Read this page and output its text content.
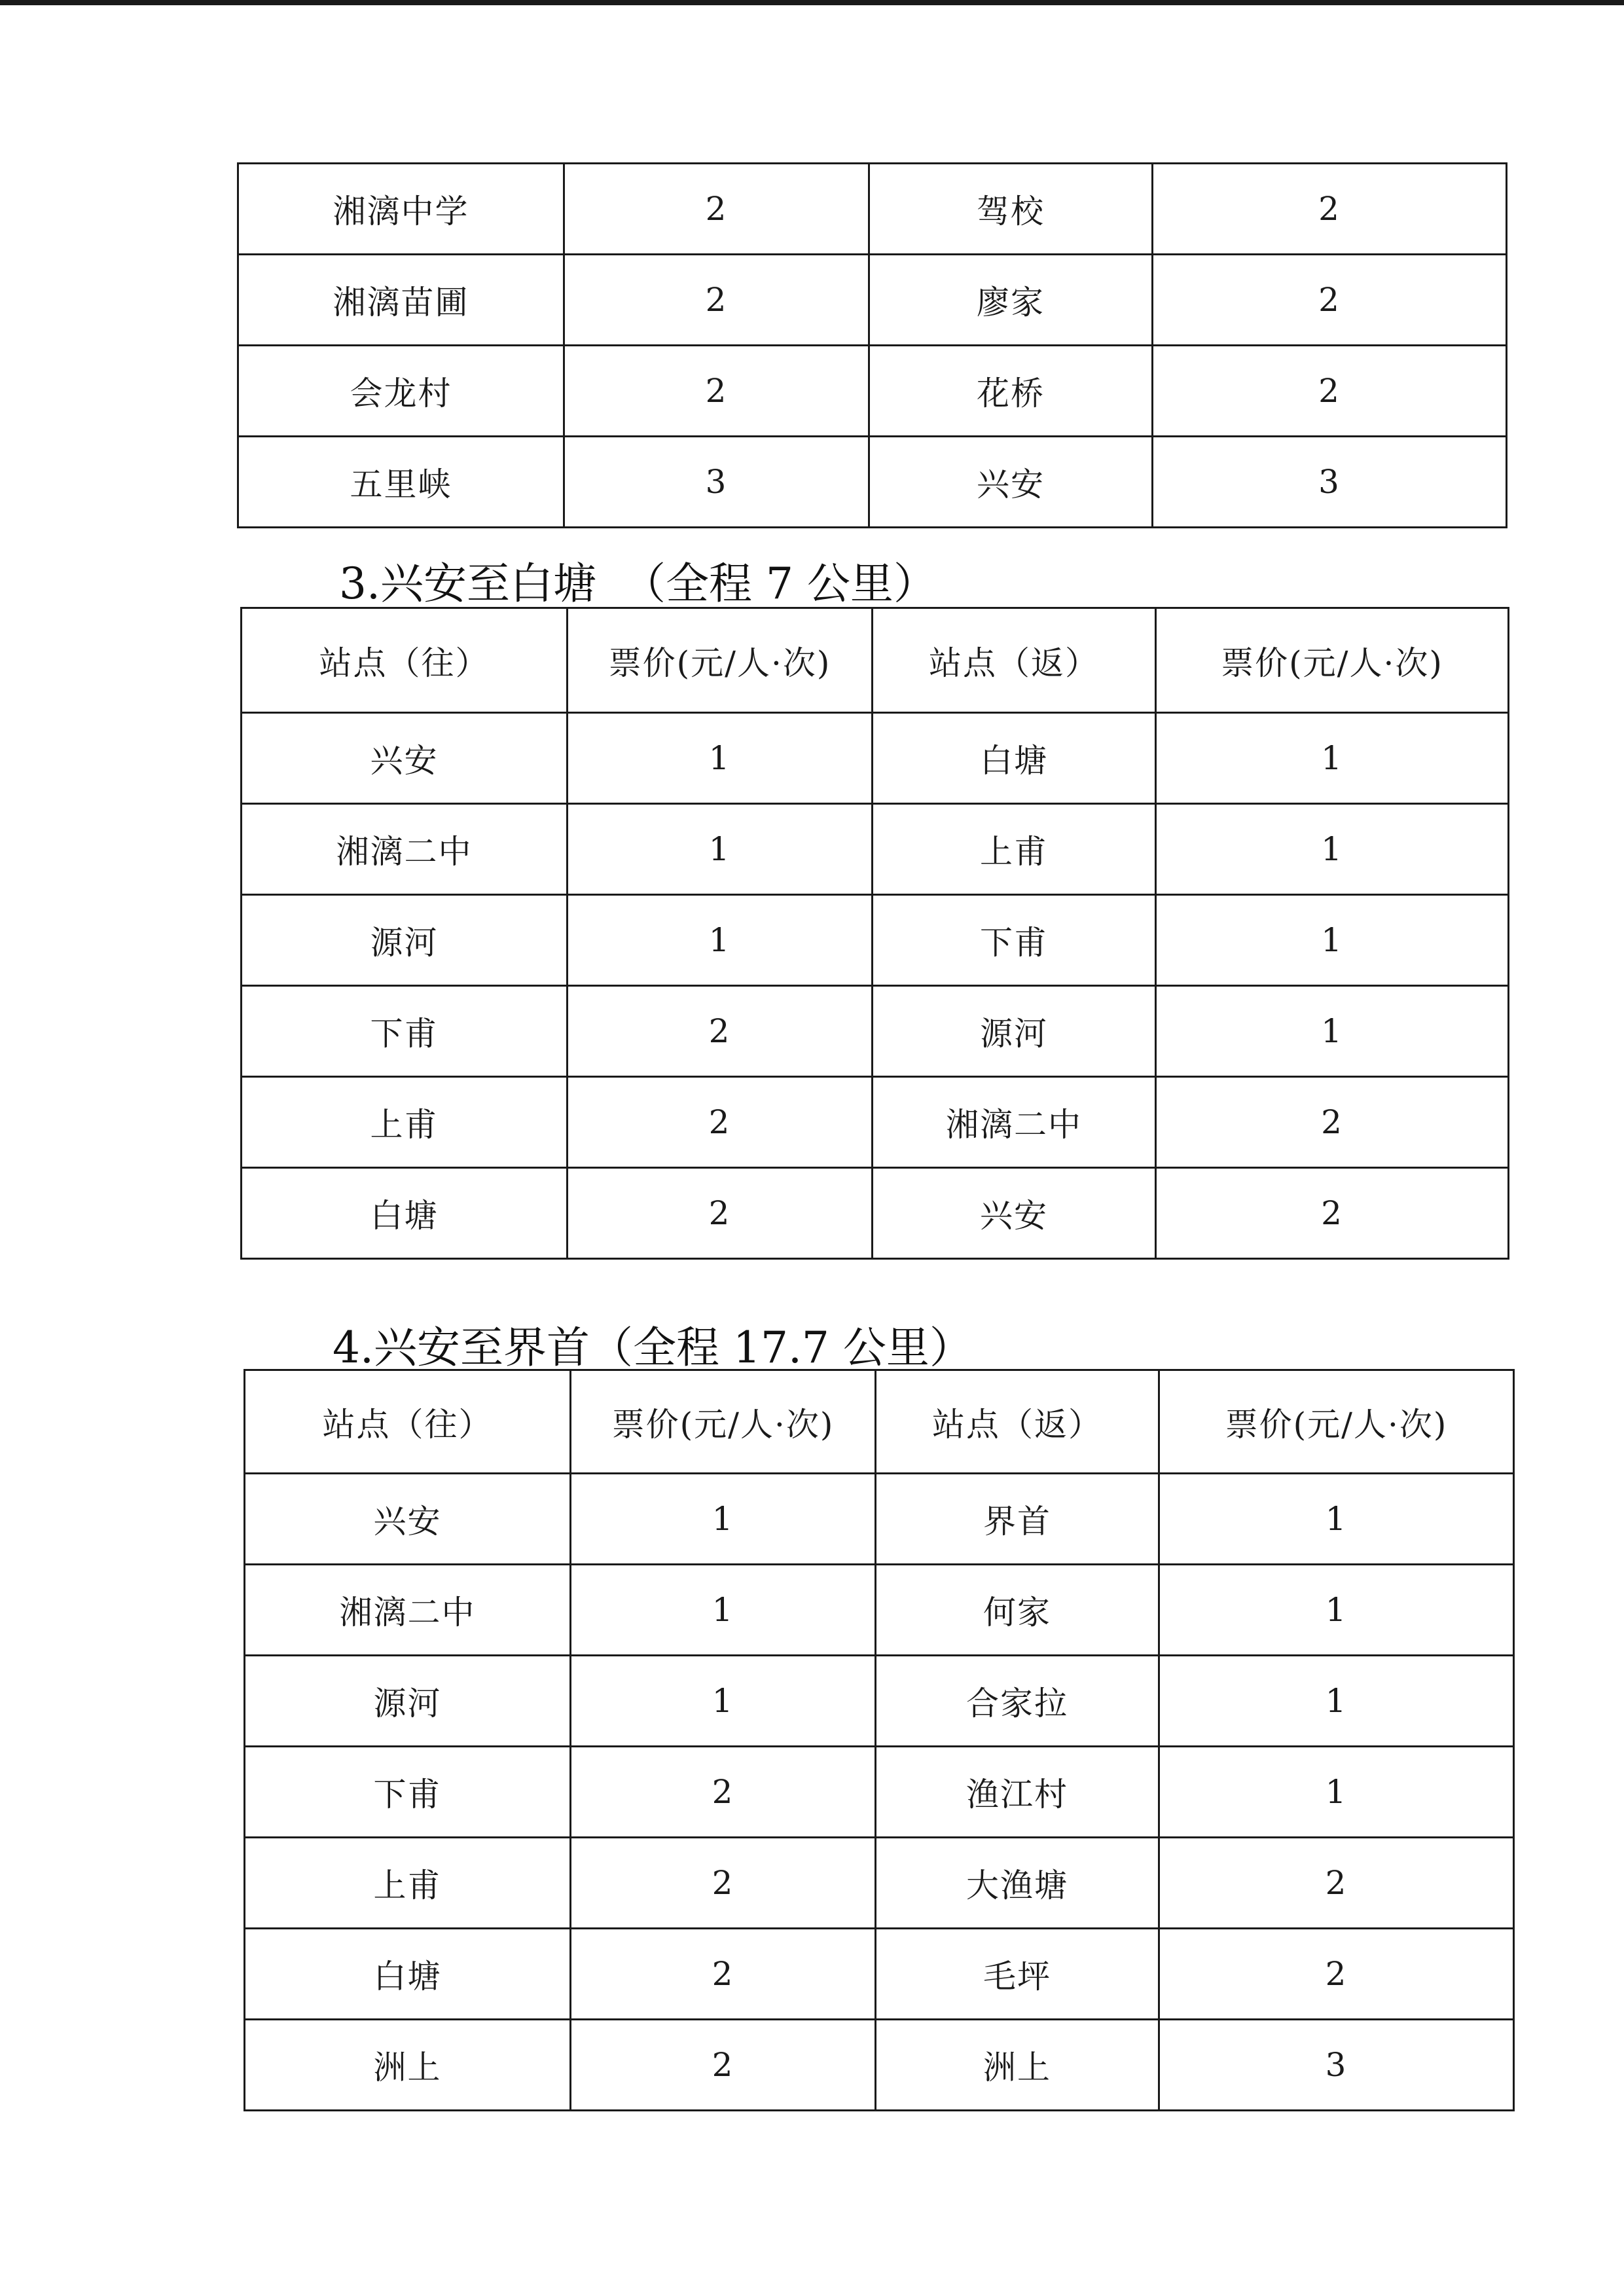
湘漓中学	2	驾校	2
湘漓苗圃	2	廖家	2
会龙村	2	花桥	2
五里峡	3	兴安	3
3.兴安至白塘 （全程 7 公里）
站点（往）	票价(元/人·次)	站点（返）	票价(元/人·次)
兴安	1	白塘	1
湘漓二中	1	上甫	1
源河	1	下甫	1
下甫	2	源河	1
上甫	2	湘漓二中	2
白塘	2	兴安	2
4.兴安至界首（全程 17.7 公里）
站点（往）	票价(元/人·次)	站点（返）	票价(元/人·次)
兴安	1	界首	1
湘漓二中	1	何家	1
源河	1	合家拉	1
下甫	2	渔江村	1
上甫	2	大渔塘	2
白塘	2	毛坪	2
洲上	2	洲上	3
